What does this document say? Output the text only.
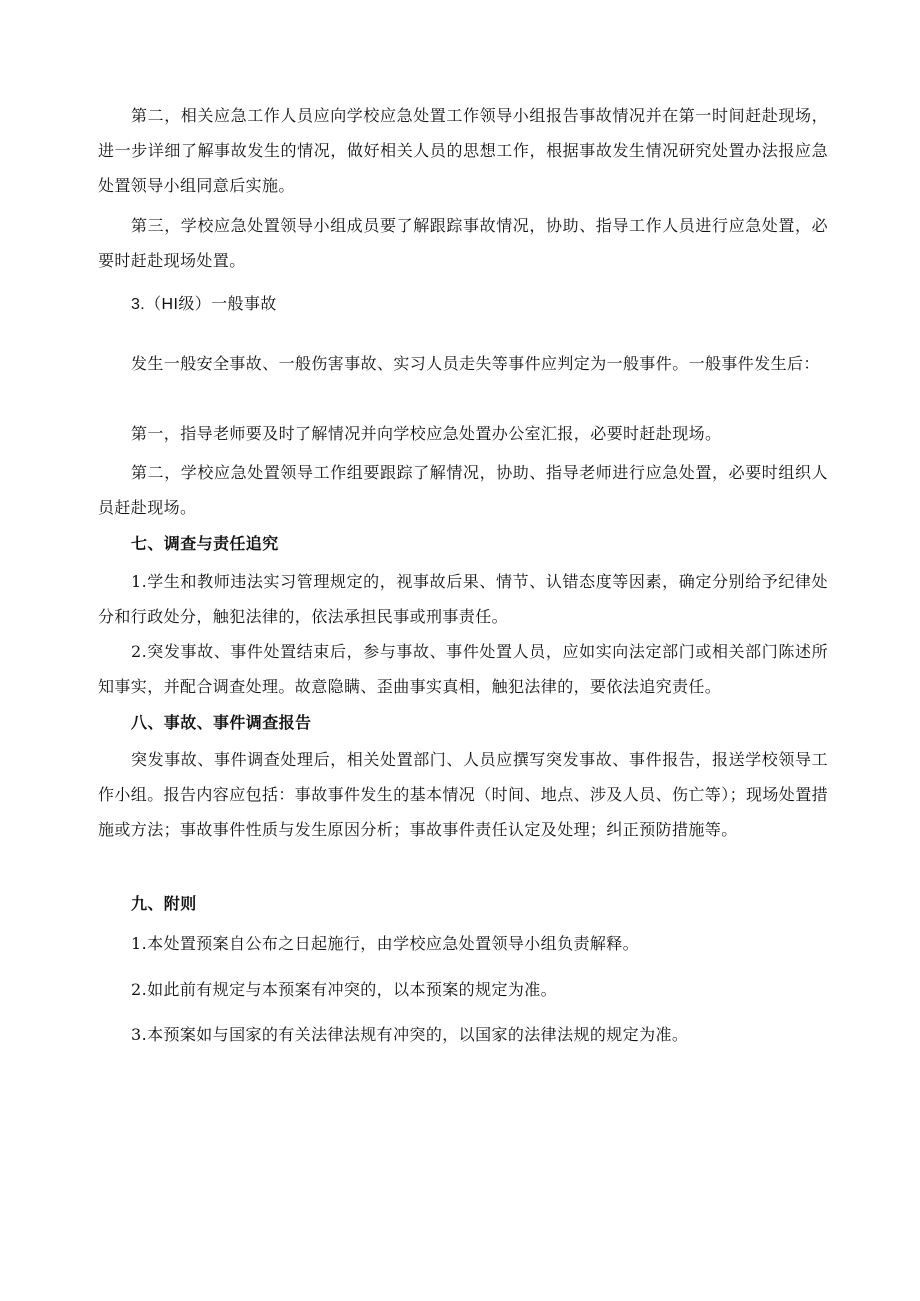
第二，相关应急工作人员应向学校应急处置工作领导小组报告事故情况并在第一时间赶赴现场，进一步详细了解事故发生的情况，做好相关人员的思想工作，根据事故发生情况研究处置办法报应急处置领导小组同意后实施。

第三，学校应急处置领导小组成员要了解跟踪事故情况，协助、指导工作人员进行应急处置，必要时赶赴现场处置。

3.（HI级）一般事故

发生一般安全事故、一般伤害事故、实习人员走失等事件应判定为一般事件。一般事件发生后：

第一，指导老师要及时了解情况并向学校应急处置办公室汇报，必要时赶赴现场。

第二，学校应急处置领导工作组要跟踪了解情况，协助、指导老师进行应急处置，必要时组织人员赶赴现场。

七、调查与责任追究

1.学生和教师违法实习管理规定的，视事故后果、情节、认错态度等因素，确定分别给予纪律处分和行政处分，触犯法律的，依法承担民事或刑事责任。

2.突发事故、事件处置结束后，参与事故、事件处置人员，应如实向法定部门或相关部门陈述所知事实，并配合调查处理。故意隐瞒、歪曲事实真相，触犯法律的，要依法追究责任。

八、事故、事件调查报告

突发事故、事件调查处理后，相关处置部门、人员应撰写突发事故、事件报告，报送学校领导工作小组。报告内容应包括：事故事件发生的基本情况（时间、地点、涉及人员、伤亡等）；现场处置措施或方法；事故事件性质与发生原因分析；事故事件责任认定及处理；纠正预防措施等。

九、附则

1.本处置预案自公布之日起施行，由学校应急处置领导小组负责解释。

2.如此前有规定与本预案有冲突的，以本预案的规定为准。

3.本预案如与国家的有关法律法规有冲突的，以国家的法律法规的规定为准。
